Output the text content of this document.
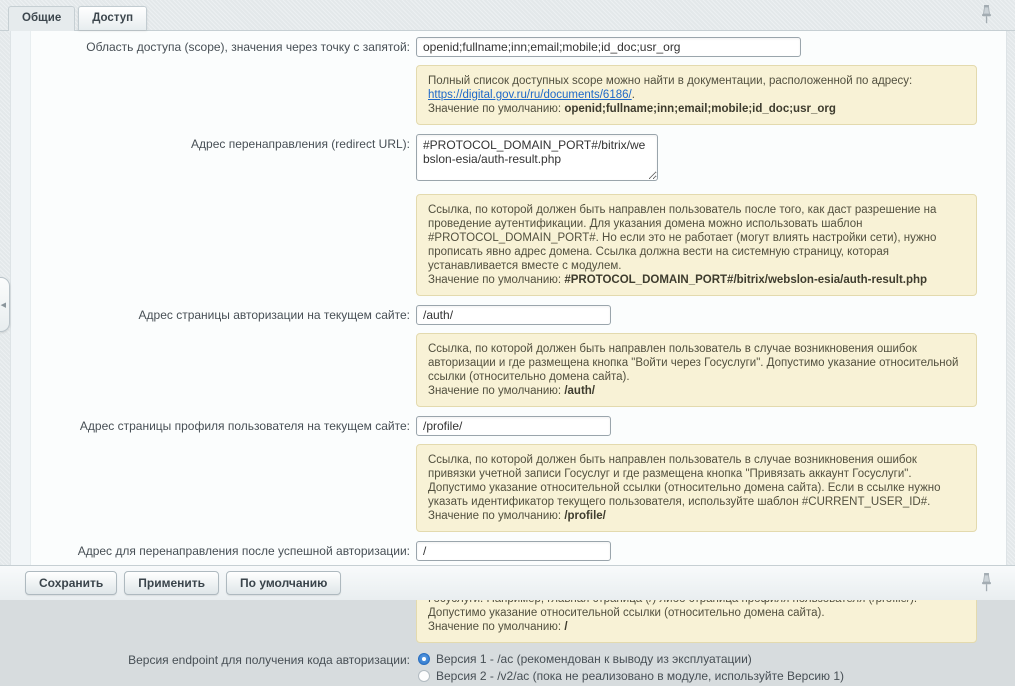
Общие	Доступ
◀
Область доступа (scope), значения через точку с запятой:
openid;fullname;inn;email;mobile;id_doc;usr_org
Полный список доступных scope можно найти в документации, расположенной по адресу: https://digital.gov.ru/ru/documents/6186/.
Значение по умолчанию: openid;fullname;inn;email;mobile;id_doc;usr_org
Адрес перенаправления (redirect URL):
#PROTOCOL_DOMAIN_PORT#/bitrix/webslon-esia/auth-result.php
Ссылка, по которой должен быть направлен пользователь после того, как даст разрешение на проведение аутентификации. Для указания домена можно использовать шаблон #PROTOCOL_DOMAIN_PORT#. Но если это не работает (могут влиять настройки сети), нужно прописать явно адрес домена. Ссылка должна вести на системную страницу, которая устанавливается вместе с модулем.
Значение по умолчанию: #PROTOCOL_DOMAIN_PORT#/bitrix/webslon-esia/auth-result.php
Адрес страницы авторизации на текущем сайте:
/auth/
Ссылка, по которой должен быть направлен пользователь в случае возникновения ошибок авторизации и где размещена кнопка "Войти через Госуслуги". Допустимо указание относительной ссылки (относительно домена сайта).
Значение по умолчанию: /auth/
Адрес страницы профиля пользователя на текущем сайте:
/profile/
Ссылка, по которой должен быть направлен пользователь в случае возникновения ошибок привязки учетной записи Госуслуг и где размещена кнопка "Привязать аккаунт Госуслуги". Допустимо указание относительной ссылки (относительно домена сайта). Если в ссылке нужно указать идентификатор текущего пользователя, используйте шаблон #CURRENT_USER_ID#.
Значение по умолчанию: /profile/
Адрес для перенаправления после успешной авторизации:
/
Допустимо указание относительной ссылки (относительно домена сайта).
Значение по умолчанию: /
Версия endpoint для получения кода авторизации:	Версия 1 - /ac (рекомендован к выводу из эксплуатации)
Версия 2 - /v2/ac (пока не реализовано в модуле, используйте Версию 1)
Сохранить	Применить	По умолчанию
